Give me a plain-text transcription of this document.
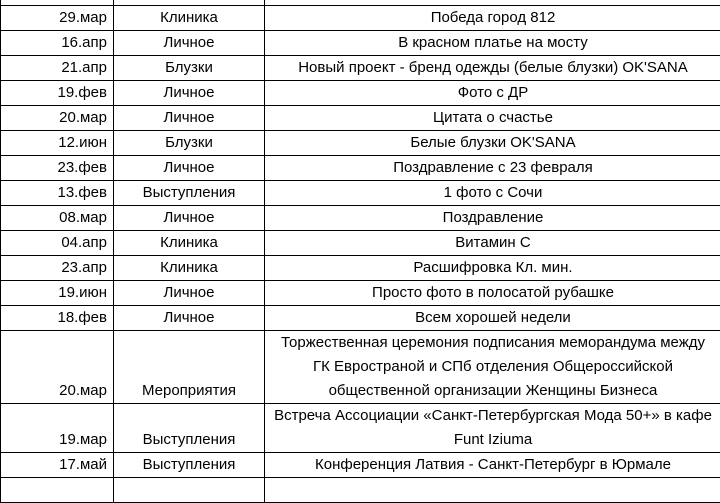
29.мар	Клиника	Победа город 812
16.апр	Личное	В красном платье на мосту
21.апр	Блузки	Новый проект - бренд одежды (белые блузки) OK'SANA
19.фев	Личное	Фото с ДР
20.мар	Личное	Цитата о счастье
12.июн	Блузки	Белые блузки OK'SANA
23.фев	Личное	Поздравление с 23 февраля
13.фев	Выступления	1 фото с Сочи
08.мар	Личное	Поздравление
04.апр	Клиника	Витамин С
23.апр	Клиника	Расшифровка Кл. мин.
19.июн	Личное	Просто фото в полосатой рубашке
18.фев	Личное	Всем хорошей недели
20.мар	Мероприятия	Торжественная церемония подписания меморандума между ГК Евространой и СПб отделения Общероссийской общественной организации Женщины Бизнеса
19.мар	Выступления	Встреча Ассоциации «Санкт-Петербургская Мода 50+» в кафе Funt Iziuma
17.май	Выступления	Конференция Латвия - Санкт-Петербург в Юрмале
